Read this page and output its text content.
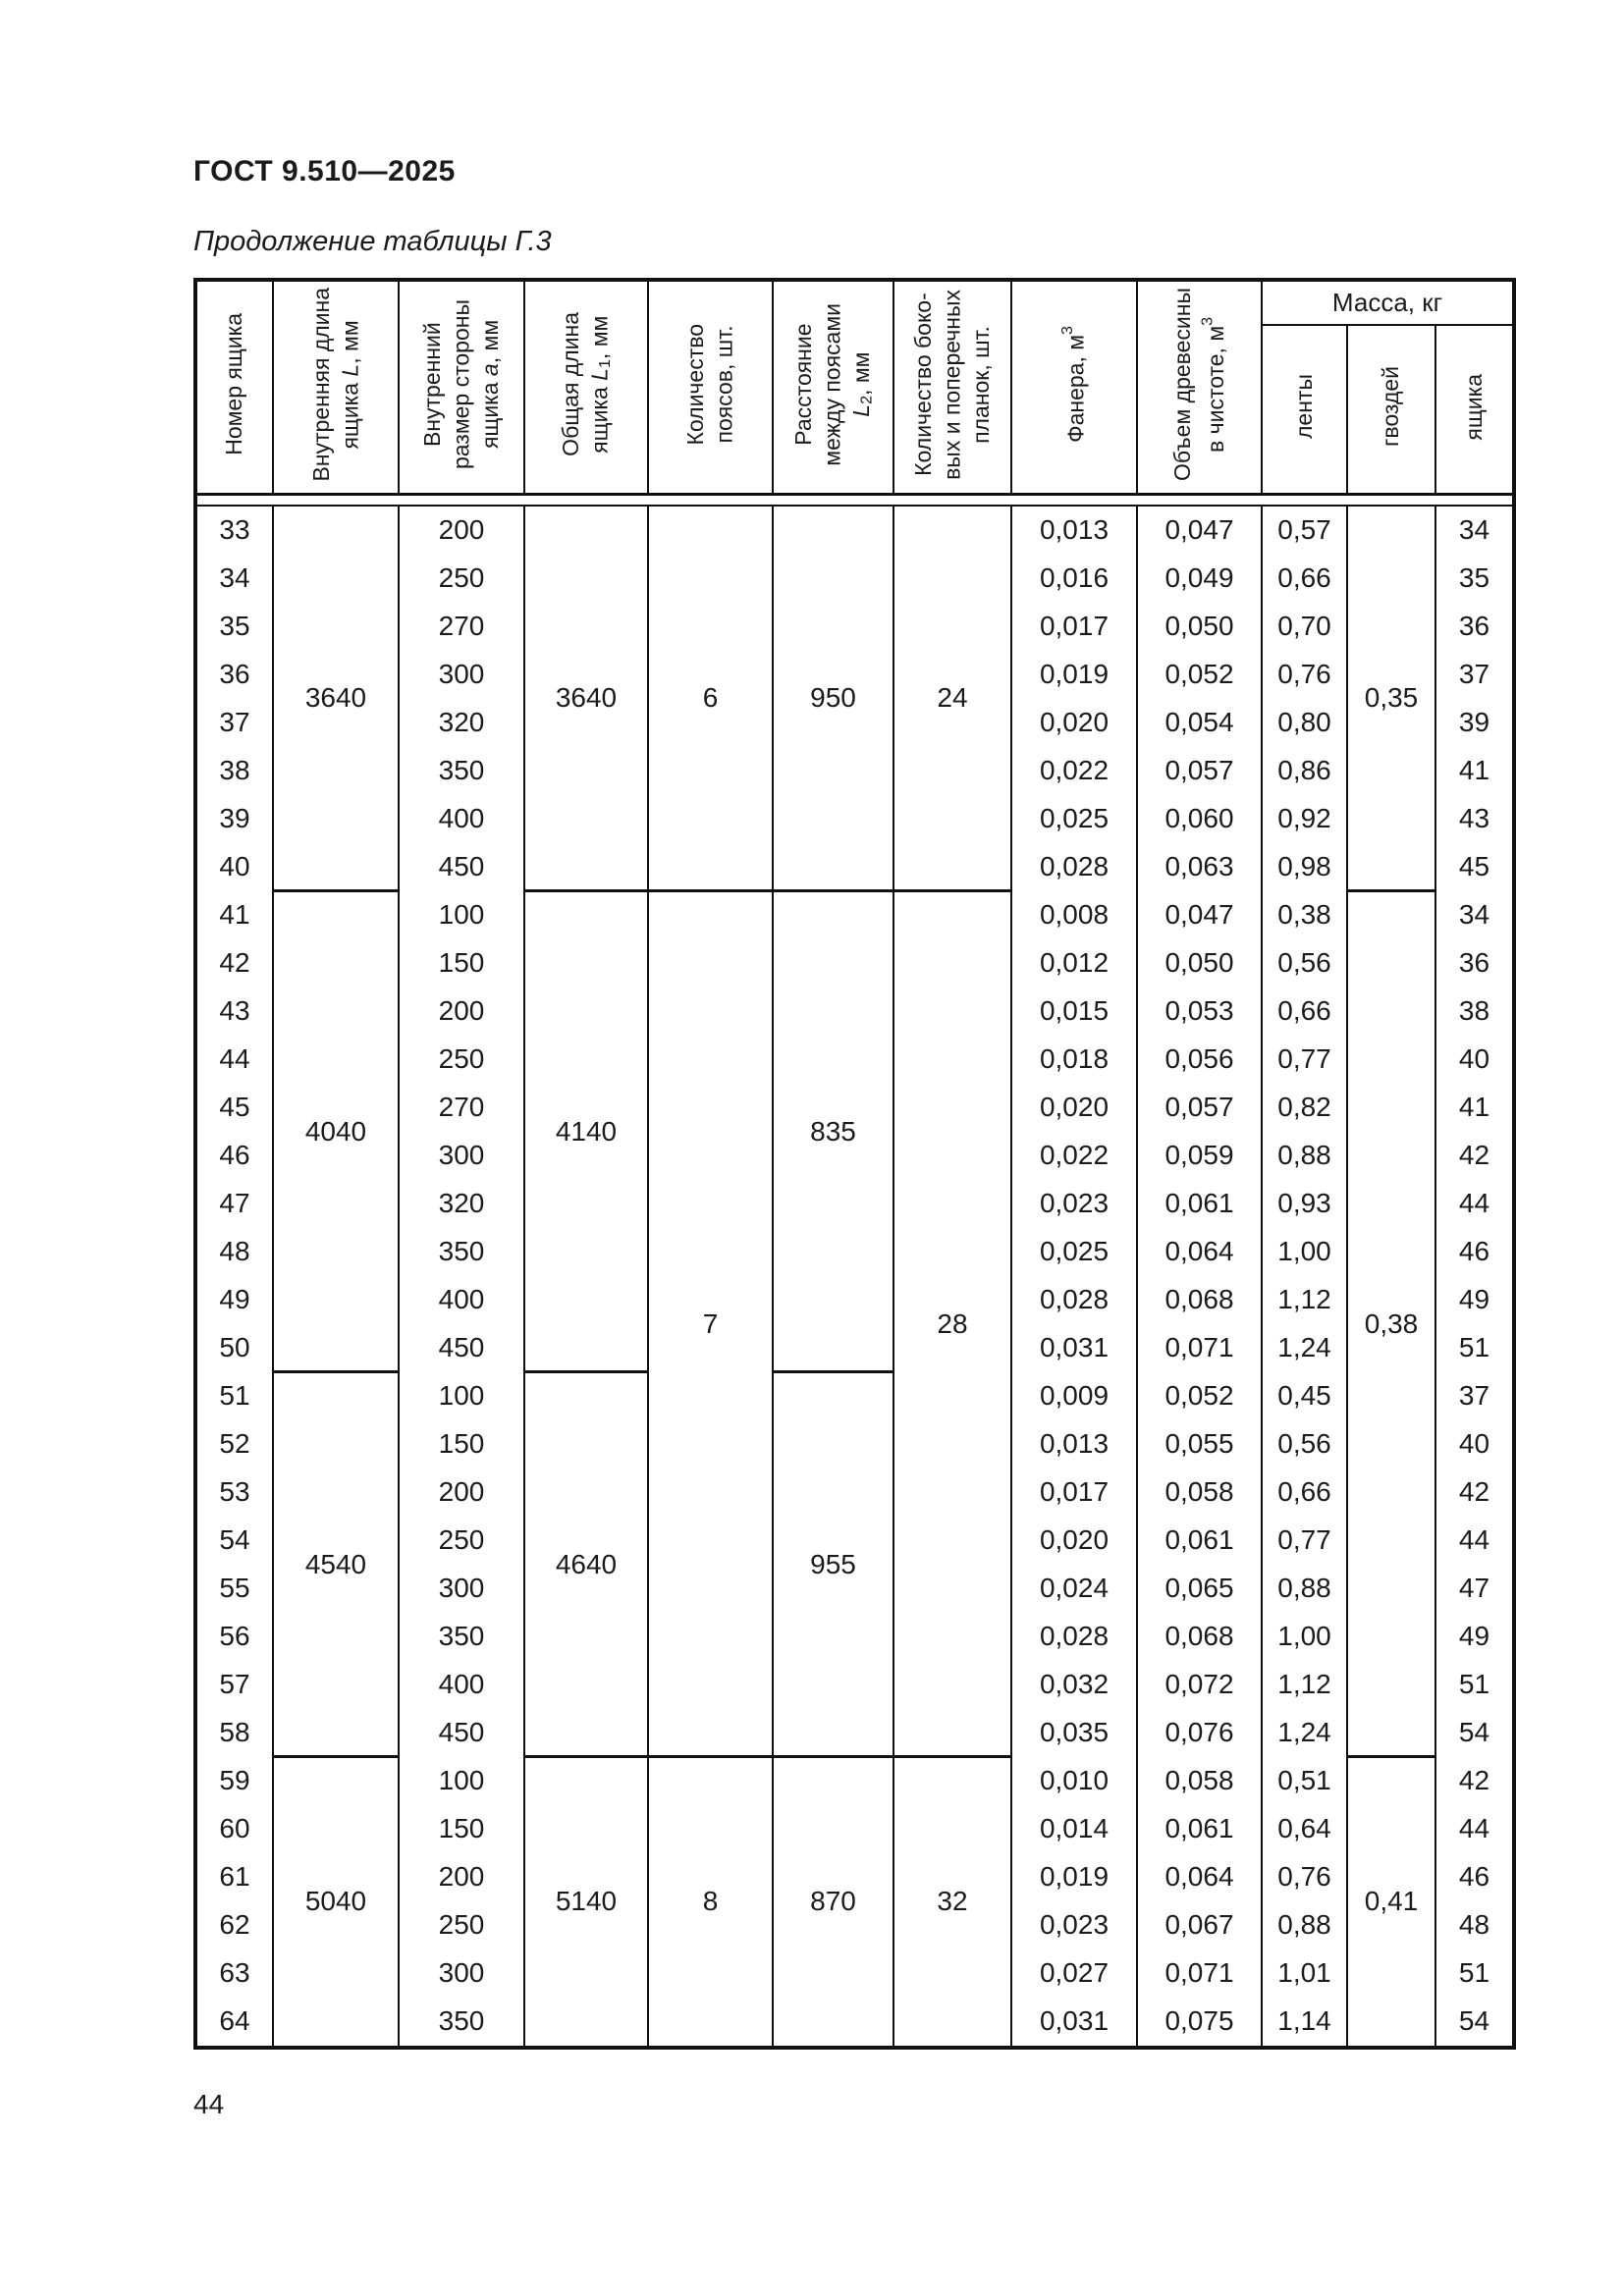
ГОСТ 9.510—2025
Продолжение таблицы Г.3
Номер ящика	Внутренняя длина ящика L, мм	Внутренний размер стороны ящика a, мм	Общая длина ящика $L_1$, мм	Количество поясов, шт.	Расстояние между поясами $L_2$, мм	Количество боко- вых и поперечных планок, шт.	Фанера, $м^3$	Объем древесины в чистоте, $м^3$	Масса, кг		
									ленты	гвоздей	ящика

33	3640	200	3640	6	950	24	0,013	0,047	0,57	0,35	34
34		250					0,016	0,049	0,66		35
35		270					0,017	0,050	0,70		36
36		300					0,019	0,052	0,76		37
37		320					0,020	0,054	0,80		39
38		350					0,022	0,057	0,86		41
39		400					0,025	0,060	0,92		43
40		450					0,028	0,063	0,98		45
41	4040	100	4140	7	835	28	0,008	0,047	0,38	0,38	34
42		150					0,012	0,050	0,56		36
43		200					0,015	0,053	0,66		38
44		250					0,018	0,056	0,77		40
45		270					0,020	0,057	0,82		41
46		300					0,022	0,059	0,88		42
47		320					0,023	0,061	0,93		44
48		350					0,025	0,064	1,00		46
49		400					0,028	0,068	1,12		49
50		450					0,031	0,071	1,24		51
51	4540	100	4640		955		0,009	0,052	0,45		37
52		150					0,013	0,055	0,56		40
53		200					0,017	0,058	0,66		42
54		250					0,020	0,061	0,77		44
55		300					0,024	0,065	0,88		47
56		350					0,028	0,068	1,00		49
57		400					0,032	0,072	1,12		51
58		450					0,035	0,076	1,24		54
59	5040	100	5140	8	870	32	0,010	0,058	0,51	0,41	42
60		150					0,014	0,061	0,64		44
61		200					0,019	0,064	0,76		46
62		250					0,023	0,067	0,88		48
63		300					0,027	0,071	1,01		51
64		350					0,031	0,075	1,14		54
44
